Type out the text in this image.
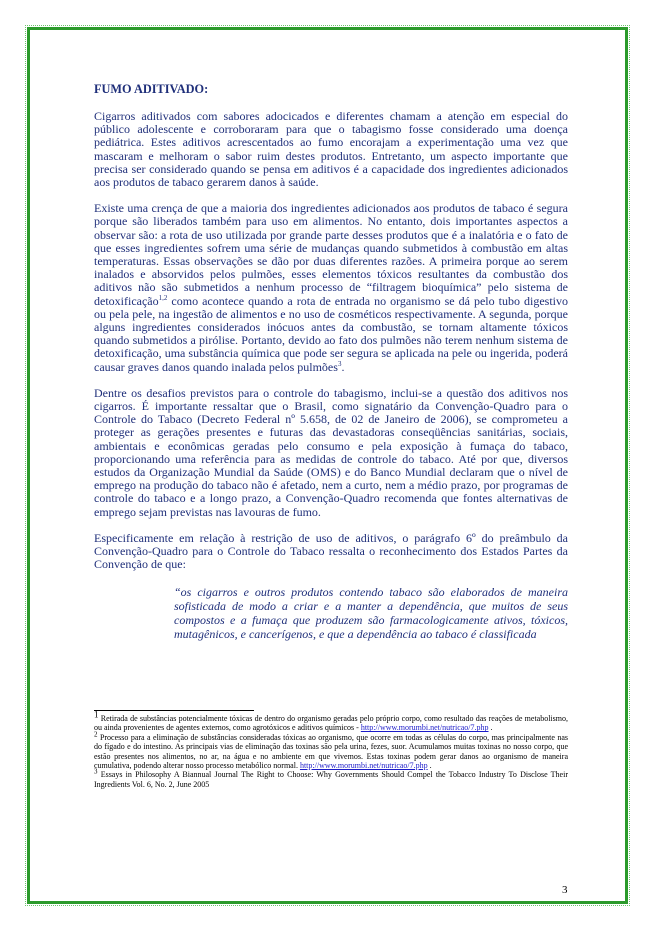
FUMO ADITIVADO:

Cigarros aditivados com sabores adocicados e diferentes chamam a atenção em especial do público adolescente e corroboraram para que o tabagismo fosse considerado uma doença pediátrica. Estes aditivos acrescentados ao fumo encorajam a experimentação uma vez que mascaram e melhoram o sabor ruim destes produtos. Entretanto, um aspecto importante que precisa ser considerado quando se pensa em aditivos é a capacidade dos ingredientes adicionados aos produtos de tabaco gerarem danos à saúde.

Existe uma crença de que a maioria dos ingredientes adicionados aos produtos de tabaco é segura porque são liberados também para uso em alimentos. No entanto, dois importantes aspectos a observar são: a rota de uso utilizada por grande parte desses produtos que é a inalatória e o fato de que esses ingredientes sofrem uma série de mudanças quando submetidos à combustão em altas temperaturas. Essas observações se dão por duas diferentes razões. A primeira porque ao serem inalados e absorvidos pelos pulmões, esses elementos tóxicos resultantes da combustão dos aditivos não são submetidos a nenhum processo de “filtragem bioquímica” pelo sistema de detoxificação$^{1,2}$ como acontece quando a rota de entrada no organismo se dá pelo tubo digestivo ou pela pele, na ingestão de alimentos e no uso de cosméticos respectivamente. A segunda, porque alguns ingredientes considerados inócuos antes da combustão, se tornam altamente tóxicos quando submetidos a pirólise. Portanto, devido ao fato dos pulmões não terem nenhum sistema de detoxificação, uma substância química que pode ser segura se aplicada na pele ou ingerida, poderá causar graves danos quando inalada pelos pulmões$^3$.

Dentre os desafios previstos para o controle do tabagismo, inclui-se a questão dos aditivos nos cigarros. É importante ressaltar que o Brasil, como signatário da Convenção-Quadro para o Controle do Tabaco (Decreto Federal nº 5.658, de 02 de Janeiro de 2006), se comprometeu a proteger as gerações presentes e futuras das devastadoras conseqüências sanitárias, sociais, ambientais e econômicas geradas pelo consumo e pela exposição à fumaça do tabaco, proporcionando uma referência para as medidas de controle do tabaco. Até por que, diversos estudos da Organização Mundial da Saúde (OMS) e do Banco Mundial declaram que o nível de emprego na produção do tabaco não é afetado, nem a curto, nem a médio prazo, por programas de controle do tabaco e a longo prazo, a Convenção-Quadro recomenda que fontes alternativas de emprego sejam previstas nas lavouras de fumo.

Especificamente em relação à restrição de uso de aditivos, o parágrafo 6º do preâmbulo da Convenção-Quadro para o Controle do Tabaco ressalta o reconhecimento dos Estados Partes da Convenção de que:

“os cigarros e outros produtos contendo tabaco são elaborados de maneira sofisticada de modo a criar e a manter a dependência, que muitos de seus compostos e a fumaça que produzem são farmacologicamente ativos, tóxicos, mutagênicos, e cancerígenos, e que a dependência ao tabaco é classificada

$^1$ Retirada de substâncias potencialmente tóxicas de dentro do organismo geradas pelo próprio corpo, como resultado das reações de metabolismo, ou ainda provenientes de agentes externos, como agrotóxicos e aditivos químicos - http://www.morumbi.net/nutricao/7.php .

$^2$ Processo para a eliminação de substâncias consideradas tóxicas ao organismo, que ocorre em todas as células do corpo, mas principalmente nas do fígado e do intestino. As principais vias de eliminação das toxinas são pela urina, fezes, suor. Acumulamos muitas toxinas no nosso corpo, que estão presentes nos alimentos, no ar, na água e no ambiente em que vivemos. Estas toxinas podem gerar danos ao organismo de maneira cumulativa, podendo alterar nosso processo metabólico normal. http://www.morumbi.net/nutricao/7.php .

$^3$ Essays in Philosophy A Biannual Journal The Right to Choose: Why Governments Should Compel the Tobacco Industry To Disclose Their Ingredients Vol. 6, No. 2, June 2005

3
